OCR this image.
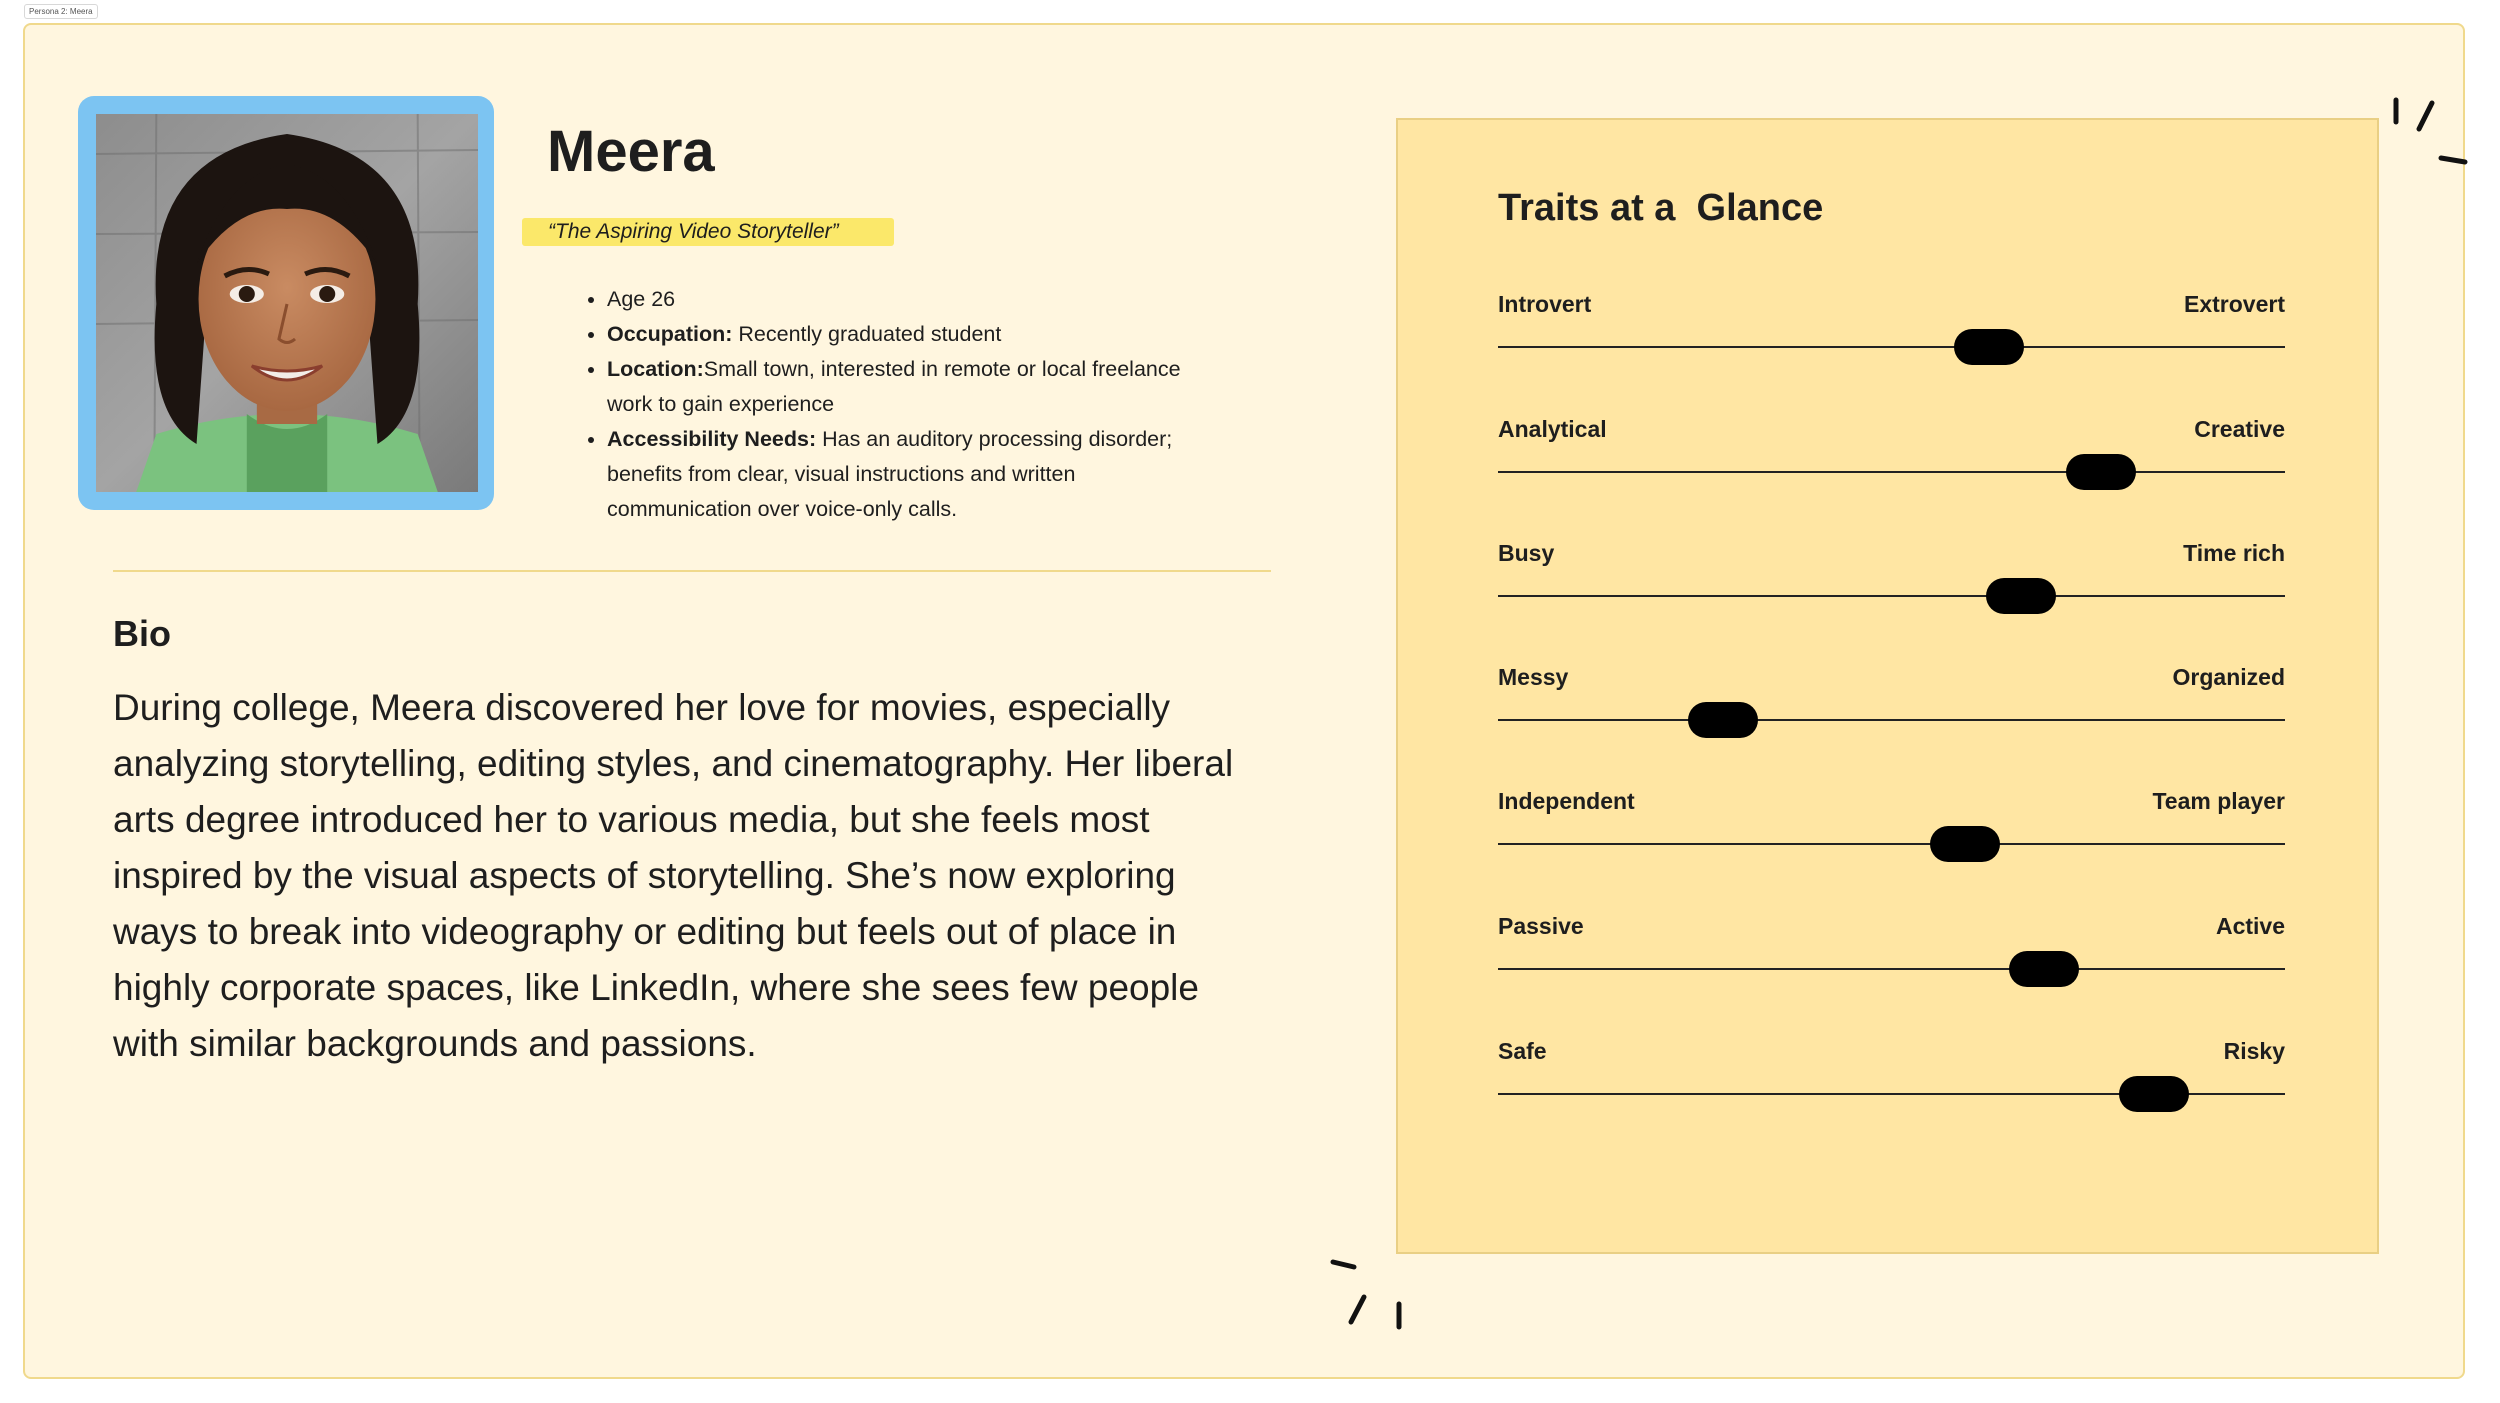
Persona 2: Meera
Meera
“The Aspiring Video Storyteller”
• Age 26
• Occupation: Recently graduated student
• Location:Small town, interested in remote or local freelance work to gain experience
• Accessibility Needs: Has an auditory processing disorder; benefits from clear, visual instructions and written communication over voice-only calls.
Bio

During college, Meera discovered her love for movies, especially analyzing storytelling, editing styles, and cinematography. Her liberal arts degree introduced her to various media, but she feels most inspired by the visual aspects of storytelling. She’s now exploring ways to break into videography or editing but feels out of place in highly corporate spaces, like LinkedIn, where she sees few people with similar backgrounds and passions.

Traits at a  Glance
Introvert	Extrovert
Analytical	Creative
Busy	Time rich
Messy	Organized
Independent	Team player
Passive	Active
Safe	Risky
